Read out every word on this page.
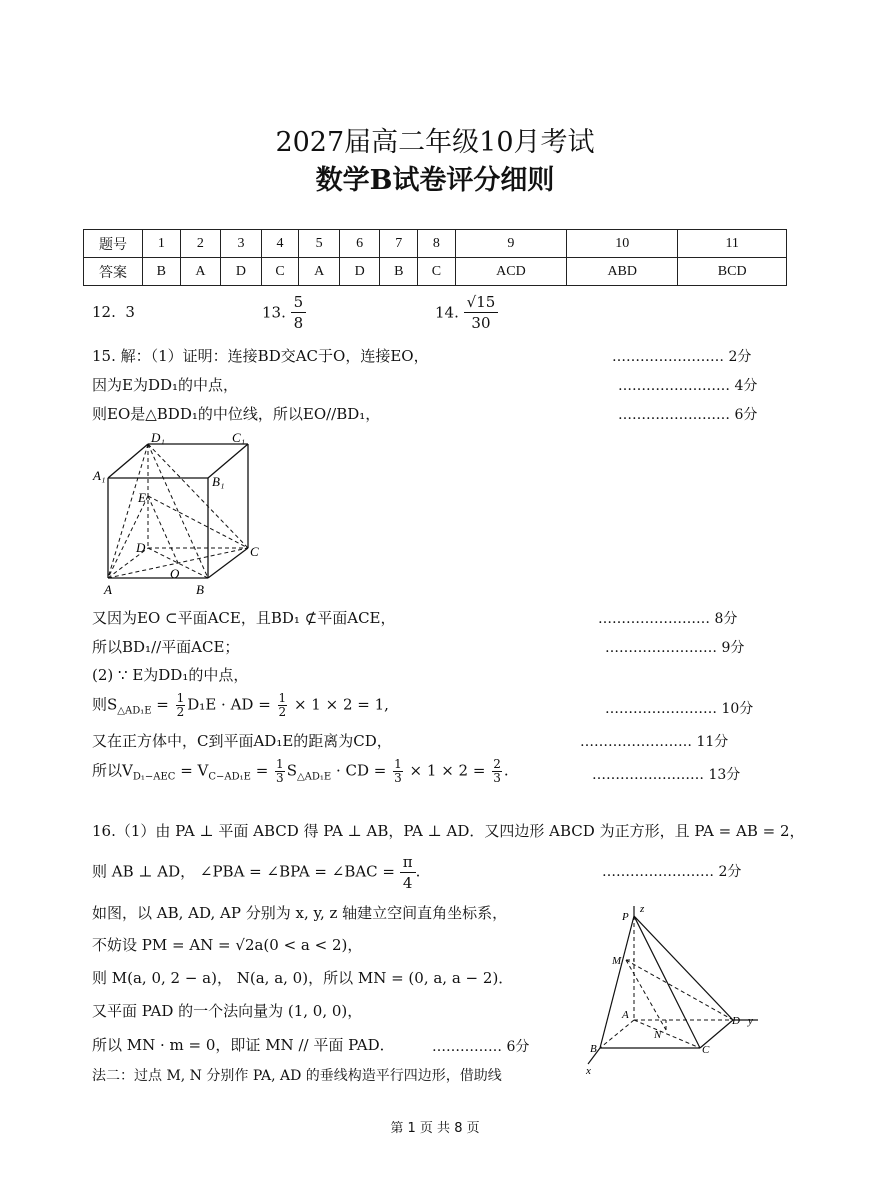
2027届高二年级10月考试
数学B试卷评分细则
题号	1	2	3	4	5	6	7	8	9	10	11
答案	B	A	D	C	A	D	B	C	ACD	ABD	BCD
12. 3	13. $\frac{5}{8}$	14. $\frac{√15}{30}$
15. 解：（1）证明：连接BD交AC于O，连接EO，	…………………… 2分
因为E为DD₁的中点，	…………………… 4分
则EO是△BDD₁的中位线，所以EO//BD₁，	…………………… 6分
D₁	C₁
A₁	B₁
E
D	C
O
A	B
又因为EO ⊂平面ACE，且BD₁ ⊄平面ACE，	…………………… 8分
所以BD₁//平面ACE；	…………………… 9分
(2) ∵ E为DD₁的中点，
则$S_{\triangle AD_1E} = \frac{1}{2} D_1E$ · AD = $\frac{1}{2} \times 1 \times 2 = 1$,	…………………… 10分
又在正方体中，C到平面AD₁E的距离为CD，	…………………… 11分
所以$V_{D_1-AEC} = V_{C-AD_1E} = \frac{1}{3} S_{\triangle AD_1E}$ · CD = $\frac{1}{3} \times 1 \times 2 = \frac{2}{3}$ .	…………………… 13分
16.（1）由 PA ⊥ 平面 ABCD 得 PA ⊥ AB，PA ⊥ AD．又四边形 ABCD 为正方形，且 PA = AB = 2，
则 AB ⊥ AD， ∠PBA = ∠BPA = ∠BAC = $\frac{\pi}{4}$ .	…………………… 2分
如图，以 AB, AD, AP 分别为 x, y, z 轴建立空间直角坐标系，
不妨设 PM = AN = √2a(0 < a < 2)，
则 M(a, 0, 2 − a)， N(a, a, 0)，所以 MN = (0, a, a − 2)．
又平面 PAD 的一个法向量为 (1, 0, 0)，
所以 MN · m = 0，即证 MN // 平面 PAD．	…………… 6分
法二：过点 M, N 分别作 PA, AD 的垂线构造平行四边形，借助线
P
z
M
A	D y
N
B	C
x
第 1 页 共 8 页
